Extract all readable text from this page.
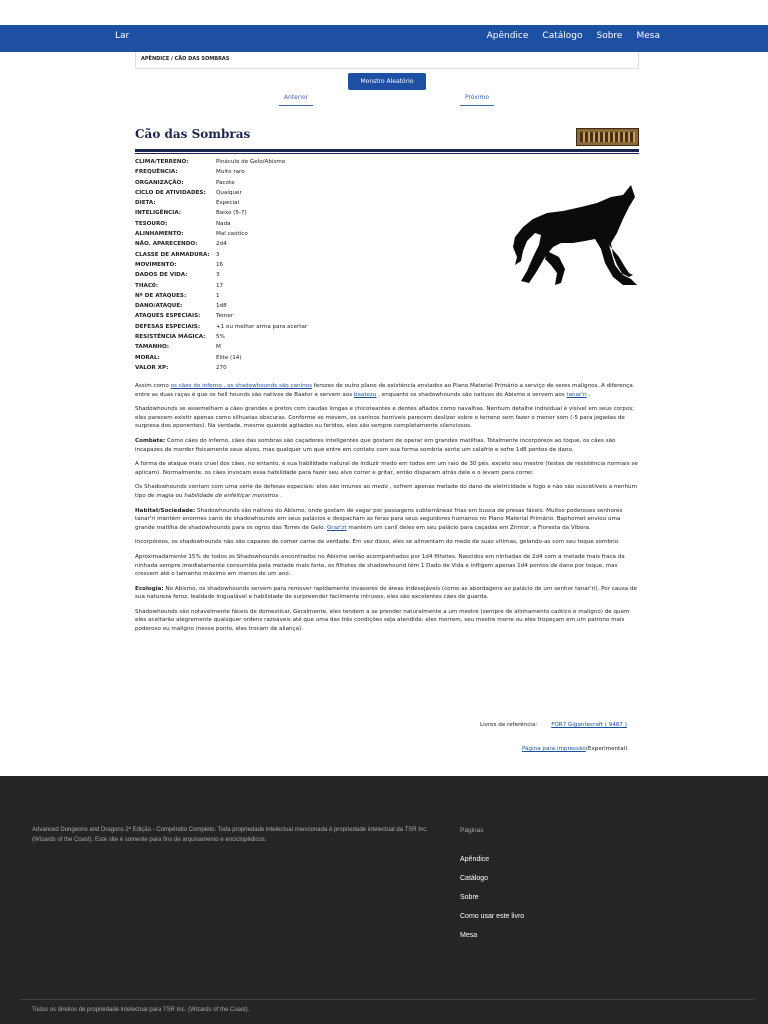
Lar	Apêndice Catálogo Sobre Mesa
APÊNDICE / CÃO DAS SOMBRAS
Monstro Aleatório
Anterior	Próximo
Cão das Sombras
CLIMA/TERRENO:	Pináculo de Gelo/Abismo
FREQUÊNCIA:	Muito raro
ORGANIZAÇÃO:	Pacote
CICLO DE ATIVIDADES:	Qualquer
DIETA:	Especial
INTELIGÊNCIA:	Baixo (5-7)
TESOURO:	Nada
ALINHAMENTO:	Mal caótico
NÃO. APARECENDO:	2d4
CLASSE DE ARMADURA:	3
MOVIMENTO:	16
DADOS DE VIDA:	3
THAC0:	17
Nº DE ATAQUES:	1
DANO/ATAQUE:	1d8
ATAQUES ESPECIAIS:	Temer
DEFESAS ESPECIAIS:	+1 ou melhor arma para acertar
RESISTÊNCIA MÁGICA:	5%
TAMANHO:	M
MORAL:	Elite (14)
VALOR XP:	270

Assim como os cães do inferno , os shadowhounds são caninos ferozes de outro plano de existência enviados ao Plano Material Primário a serviço de seres malignos. A diferença entre as duas raças é que os hell hounds são nativos de Baator e servem aos baatezu , enquanto os shadowhounds são nativos do Abismo e servem aos tanar'ri .

Shadowhounds se assemelham a cães grandes e pretos com caudas longas e chicoteantes e dentes afiados como navalhas. Nenhum detalhe individual é visível em seus corpos; eles parecem existir apenas como silhuetas obscuras. Conforme se movem, os caninos horríveis parecem deslizar sobre o terreno sem fazer o menor som (-5 para jogadas de surpresa dos oponentes). Na verdade, mesmo quando agitados ou feridos, eles são sempre completamente silenciosos.

Combate: Como cães do inferno, cães das sombras são caçadores inteligentes que gostam de operar em grandes matilhas. Totalmente incorpóreos ao toque, os cães são incapazes de morder fisicamente seus alvos, mas qualquer um que entre em contato com sua forma sombria sente um calafrio e sofre 1d8 pontos de dano.

A forma de ataque mais cruel dos cães, no entanto, é sua habilidade natural de induzir medo em todos em um raio de 30 pés, exceto seu mestre (testes de resistência normais se aplicam). Normalmente, os cães invocam essa habilidade para fazer seu alvo correr e gritar, então disparam atrás dele e o levam para correr.

Os Shadowhounds contam com uma série de defesas especiais: eles são imunes ao medo , sofrem apenas metade do dano de eletricidade e fogo e não são suscetíveis a nenhum tipo de magia ou habilidade de enfeitiçar monstros .

Habitat/Sociedade: Shadowhounds são nativos do Abismo, onde gostam de vagar por passagens subterrâneas frias em busca de presas fáceis. Muitos poderosos senhores tanar'ri mantêm enormes canis de shadowhounds em seus palácios e despacham as feras para seus seguidores humanos no Plano Material Primário. Baphomet enviou uma grande matilha de shadowhounds para os ogros das Torres de Gelo. Graz'zt mantém um canil deles em seu palácio para caçadas em Zrintor, a Floresta da Víbora.

Incorpóreos, os shadowhounds não são capazes de comer carne de verdade. Em vez disso, eles se alimentam do medo de suas vítimas, gelando-as com seu toque sombrio.

Aproximadamente 15% de todos os Shadowhounds encontrados no Abismo serão acompanhados por 1d4 filhotes. Nascidos em ninhadas de 2d4 com a metade mais fraca da ninhada sempre imediatamente consumida pela metade mais forte, os filhotes de shadowhound têm 1 Dado de Vida e infligem apenas 1d4 pontos de dano por toque, mas crescem até o tamanho máximo em menos de um ano.

Ecologia: No Abismo, os shadowhounds servem para remover rapidamente invasores de áreas indesejáveis (como as abordagens ao palácio de um senhor tanar'ri). Por causa de sua natureza feroz, lealdade inigualável e habilidade de surpreender facilmente intrusos, eles são excelentes cães de guarda.

Shadowhounds são notavelmente fáceis de domesticar. Geralmente, eles tendem a se prender naturalmente a um mestre (sempre de alinhamento caótico e maligno) de quem eles aceitarão alegremente quaisquer ordens razoáveis até que uma das três condições seja atendida: eles morrem, seu mestre morre ou eles tropeçam em um patrono mais poderoso ou maligno (nesse ponto, eles trocam de aliança).

Livros de referência:	FOR7 Gigantecraft ( 9487 )
Página para impressão(Experimental)
Advanced Dungeons and Dragons 2ª Edição - Compêndio Completo. Toda propriedade intelectual mencionada é propriedade intelectual da TSR Inc. (Wizards of the Coast). Este site é somente para fins de arquivamento e enciclopédicos.
Páginas
Apêndice
Catálogo
Sobre
Como usar este livro
Mesa
Todos os direitos de propriedade intelectual para TSR Inc. (Wizards of the Coast).
